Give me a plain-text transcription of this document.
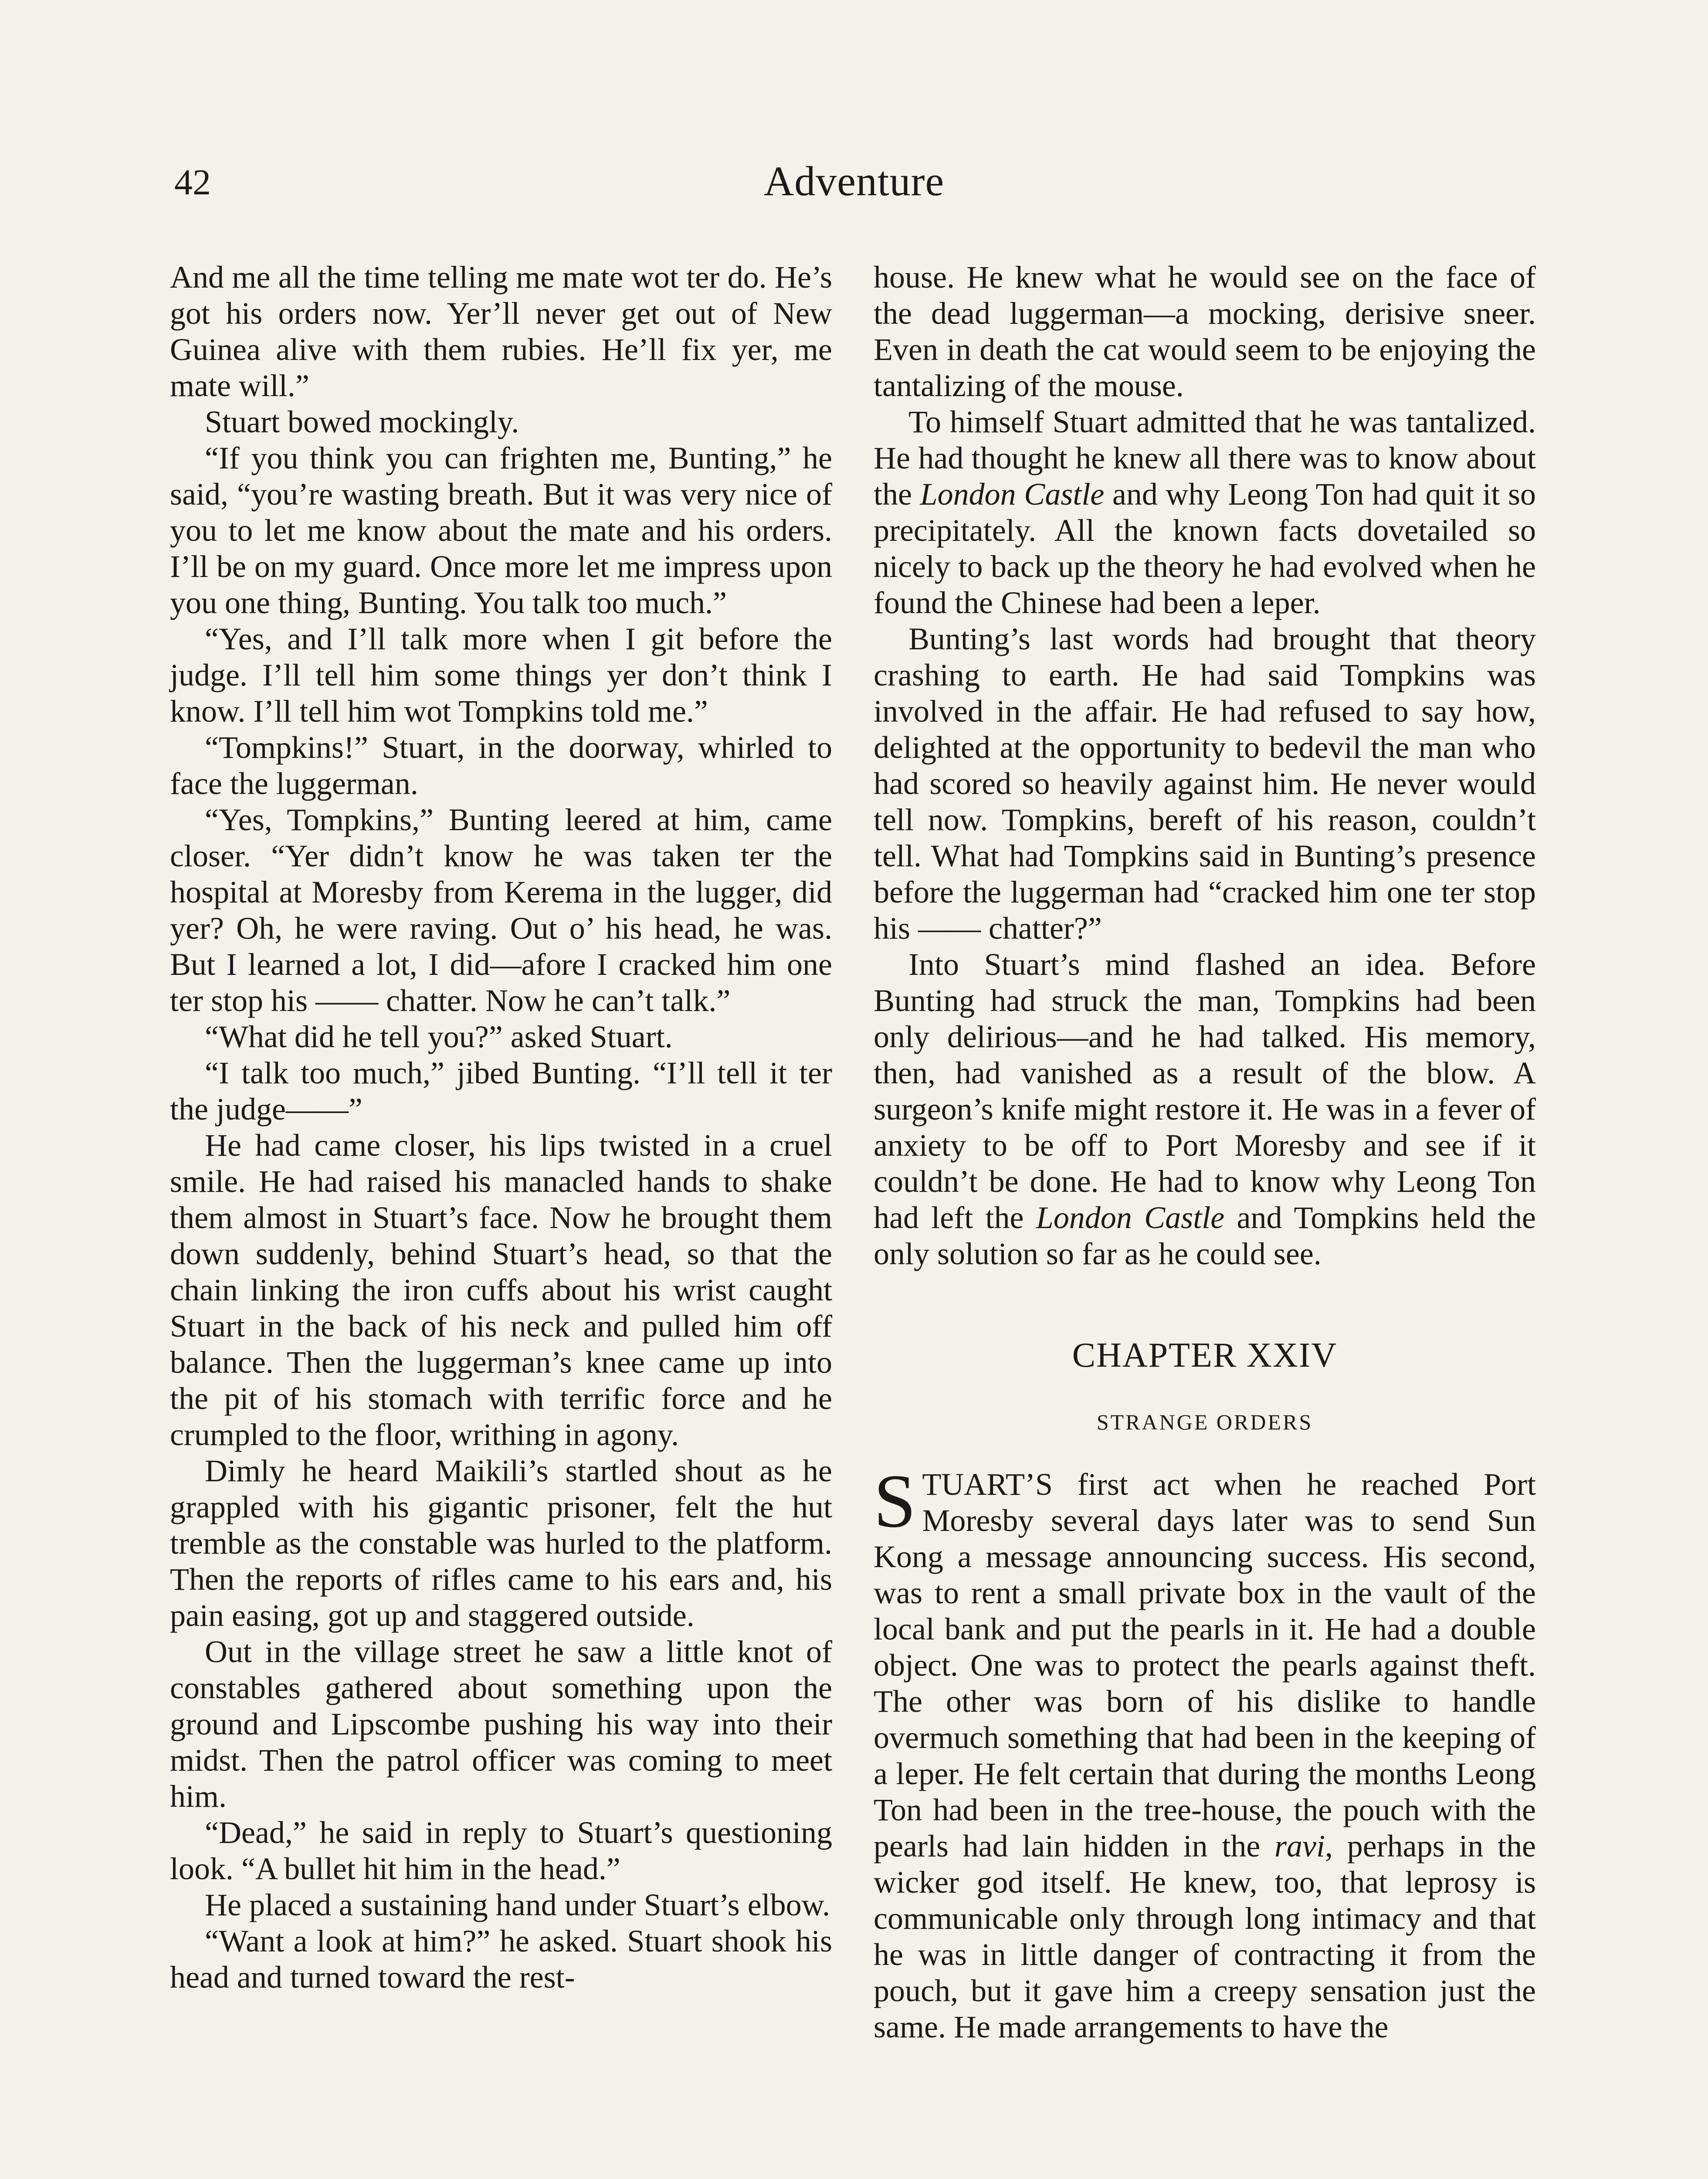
42	Adventure

And me all the time telling me mate wot ter do. He’s got his orders now. Yer’ll never get out of New Guinea alive with them rubies. He’ll fix yer, me mate will.”

Stuart bowed mockingly.

“If you think you can frighten me, Bunting,” he said, “you’re wasting breath. But it was very nice of you to let me know about the mate and his orders. I’ll be on my guard. Once more let me impress upon you one thing, Bunting. You talk too much.”

“Yes, and I’ll talk more when I git before the judge. I’ll tell him some things yer don’t think I know. I’ll tell him wot Tompkins told me.”

“Tompkins!” Stuart, in the doorway, whirled to face the luggerman.

“Yes, Tompkins,” Bunting leered at him, came closer. “Yer didn’t know he was taken ter the hospital at Moresby from Kerema in the lugger, did yer? Oh, he were raving. Out o’ his head, he was. But I learned a lot, I did—afore I cracked him one ter stop his —— chatter. Now he can’t talk.”

“What did he tell you?” asked Stuart.

“I talk too much,” jibed Bunting. “I’ll tell it ter the judge——”

He had came closer, his lips twisted in a cruel smile. He had raised his manacled hands to shake them almost in Stuart’s face. Now he brought them down suddenly, behind Stuart’s head, so that the chain linking the iron cuffs about his wrist caught Stuart in the back of his neck and pulled him off balance. Then the luggerman’s knee came up into the pit of his stomach with terrific force and he crumpled to the floor, writhing in agony.

Dimly he heard Maikili’s startled shout as he grappled with his gigantic prisoner, felt the hut tremble as the constable was hurled to the platform. Then the reports of rifles came to his ears and, his pain easing, got up and staggered outside.

Out in the village street he saw a little knot of constables gathered about something upon the ground and Lipscombe pushing his way into their midst. Then the patrol officer was coming to meet him.

“Dead,” he said in reply to Stuart’s questioning look. “A bullet hit him in the head.”

He placed a sustaining hand under Stuart’s elbow.

“Want a look at him?” he asked. Stuart shook his head and turned toward the rest-

house. He knew what he would see on the face of the dead luggerman—a mocking, derisive sneer. Even in death the cat would seem to be enjoying the tantalizing of the mouse.

To himself Stuart admitted that he was tantalized. He had thought he knew all there was to know about the London Castle and why Leong Ton had quit it so precipitately. All the known facts dovetailed so nicely to back up the theory he had evolved when he found the Chinese had been a leper.

Bunting’s last words had brought that theory crashing to earth. He had said Tompkins was involved in the affair. He had refused to say how, delighted at the opportunity to bedevil the man who had scored so heavily against him. He never would tell now. Tompkins, bereft of his reason, couldn’t tell. What had Tompkins said in Bunting’s presence before the luggerman had “cracked him one ter stop his —— chatter?”

Into Stuart’s mind flashed an idea. Before Bunting had struck the man, Tompkins had been only delirious—and he had talked. His memory, then, had vanished as a result of the blow. A surgeon’s knife might restore it. He was in a fever of anxiety to be off to Port Moresby and see if it couldn’t be done. He had to know why Leong Ton had left the London Castle and Tompkins held the only solution so far as he could see.

CHAPTER XXIV
STRANGE ORDERS

STUART’S first act when he reached Port Moresby several days later was to send Sun Kong a message announcing success. His second, was to rent a small private box in the vault of the local bank and put the pearls in it. He had a double object. One was to protect the pearls against theft. The other was born of his dislike to handle overmuch something that had been in the keeping of a leper. He felt certain that during the months Leong Ton had been in the tree-house, the pouch with the pearls had lain hidden in the ravi, perhaps in the wicker god itself. He knew, too, that leprosy is communicable only through long intimacy and that he was in little danger of contracting it from the pouch, but it gave him a creepy sensation just the same. He made arrangements to have the
